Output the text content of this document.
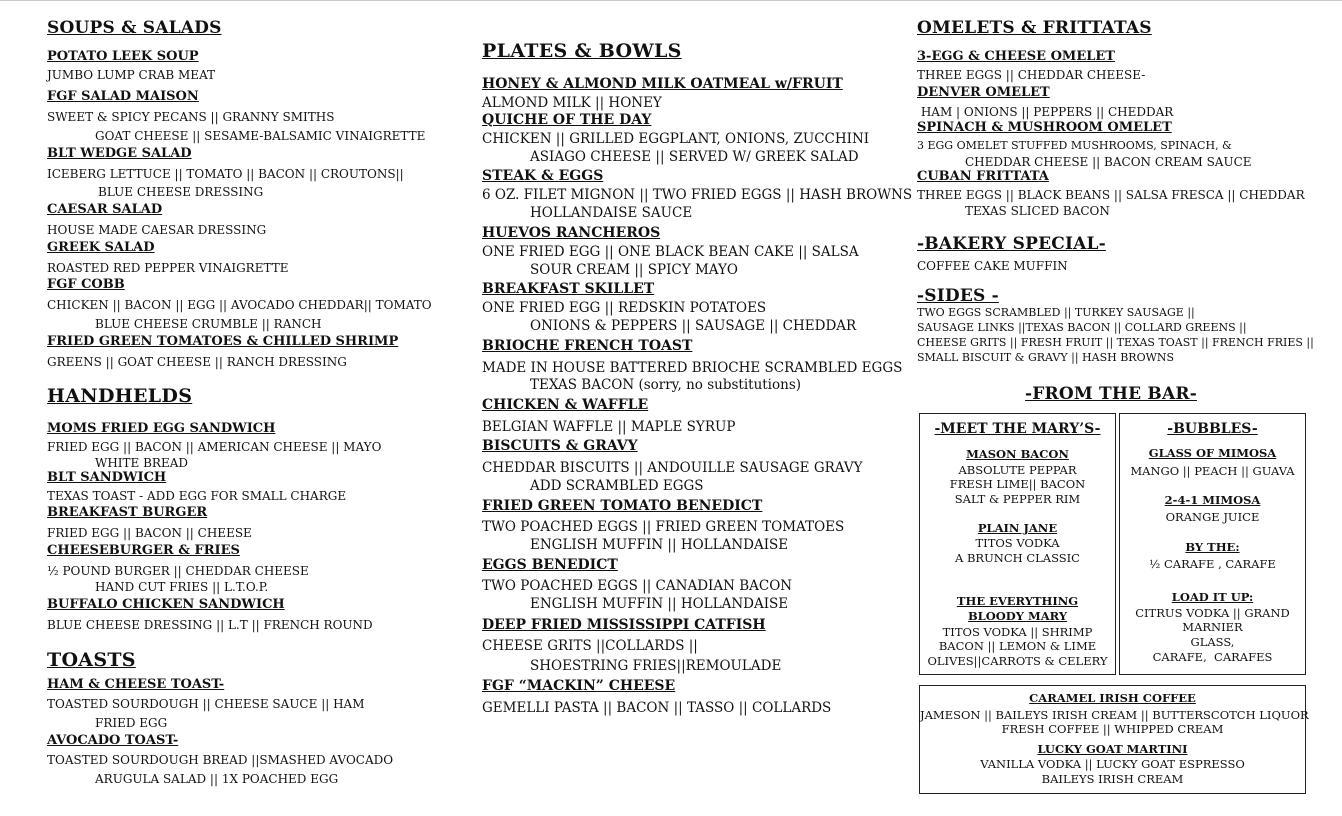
SOUPS & SALADS
POTATO LEEK SOUP
JUMBO LUMP CRAB MEAT
FGF SALAD MAISON
SWEET & SPICY PECANS || GRANNY SMITHS
GOAT CHEESE || SESAME-BALSAMIC VINAIGRETTE
BLT WEDGE SALAD
ICEBERG LETTUCE || TOMATO || BACON || CROUTONS||
BLUE CHEESE DRESSING
CAESAR SALAD
HOUSE MADE CAESAR DRESSING
GREEK SALAD
ROASTED RED PEPPER VINAIGRETTE
FGF COBB
CHICKEN || BACON || EGG || AVOCADO CHEDDAR|| TOMATO
BLUE CHEESE CRUMBLE || RANCH
FRIED GREEN TOMATOES & CHILLED SHRIMP
GREENS || GOAT CHEESE || RANCH DRESSING
HANDHELDS
MOMS FRIED EGG SANDWICH
FRIED EGG || BACON || AMERICAN CHEESE || MAYO
WHITE BREAD
BLT SANDWICH
TEXAS TOAST - ADD EGG FOR SMALL CHARGE
BREAKFAST BURGER
FRIED EGG || BACON || CHEESE
CHEESEBURGER & FRIES
½ POUND BURGER || CHEDDAR CHEESE
HAND CUT FRIES || L.T.O.P.
BUFFALO CHICKEN SANDWICH
BLUE CHEESE DRESSING || L.T || FRENCH ROUND
TOASTS
HAM & CHEESE TOAST-
TOASTED SOURDOUGH || CHEESE SAUCE || HAM
FRIED EGG
AVOCADO TOAST-
TOASTED SOURDOUGH BREAD ||SMASHED AVOCADO
ARUGULA SALAD || 1X POACHED EGG
PLATES & BOWLS
HONEY & ALMOND MILK OATMEAL w/FRUIT
ALMOND MILK || HONEY
QUICHE OF THE DAY
CHICKEN || GRILLED EGGPLANT, ONIONS, ZUCCHINI
ASIAGO CHEESE || SERVED W/ GREEK SALAD
STEAK & EGGS
6 OZ. FILET MIGNON || TWO FRIED EGGS || HASH BROWNS
HOLLANDAISE SAUCE
HUEVOS RANCHEROS
ONE FRIED EGG || ONE BLACK BEAN CAKE || SALSA
SOUR CREAM || SPICY MAYO
BREAKFAST SKILLET
ONE FRIED EGG || REDSKIN POTATOES
ONIONS & PEPPERS || SAUSAGE || CHEDDAR
BRIOCHE FRENCH TOAST
MADE IN HOUSE BATTERED BRIOCHE SCRAMBLED EGGS
TEXAS BACON (sorry, no substitutions)
CHICKEN & WAFFLE
BELGIAN WAFFLE || MAPLE SYRUP
BISCUITS & GRAVY
CHEDDAR BISCUITS || ANDOUILLE SAUSAGE GRAVY
ADD SCRAMBLED EGGS
FRIED GREEN TOMATO BENEDICT
TWO POACHED EGGS || FRIED GREEN TOMATOES
ENGLISH MUFFIN || HOLLANDAISE
EGGS BENEDICT
TWO POACHED EGGS || CANADIAN BACON
ENGLISH MUFFIN || HOLLANDAISE
DEEP FRIED MISSISSIPPI CATFISH
CHEESE GRITS ||COLLARDS ||
SHOESTRING FRIES||REMOULADE
FGF “MACKIN” CHEESE
GEMELLI PASTA || BACON || TASSO || COLLARDS
OMELETS & FRITTATAS
3-EGG & CHEESE OMELET
THREE EGGS || CHEDDAR CHEESE-
DENVER OMELET
HAM | ONIONS || PEPPERS || CHEDDAR
SPINACH & MUSHROOM OMELET
3 EGG OMELET STUFFED MUSHROOMS, SPINACH, &
CHEDDAR CHEESE || BACON CREAM SAUCE
CUBAN FRITTATA
THREE EGGS || BLACK BEANS || SALSA FRESCA || CHEDDAR
TEXAS SLICED BACON
-BAKERY SPECIAL-
COFFEE CAKE MUFFIN
-SIDES -
TWO EGGS SCRAMBLED || TURKEY SAUSAGE ||
SAUSAGE LINKS ||TEXAS BACON || COLLARD GREENS ||
CHEESE GRITS || FRESH FRUIT || TEXAS TOAST || FRENCH FRIES ||
SMALL BISCUIT & GRAVY || HASH BROWNS
-FROM THE BAR-
-MEET THE MARY’S-
MASON BACON
ABSOLUTE PEPPAR
FRESH LIME|| BACON
SALT & PEPPER RIM
PLAIN JANE
TITOS VODKA
A BRUNCH CLASSIC
THE EVERYTHING
BLOODY MARY
TITOS VODKA || SHRIMP
BACON || LEMON & LIME
OLIVES||CARROTS & CELERY
-BUBBLES-
GLASS OF MIMOSA
MANGO || PEACH || GUAVA
2-4-1 MIMOSA
ORANGE JUICE
BY THE:
½ CARAFE , CARAFE
LOAD IT UP:
CITRUS VODKA || GRAND
MARNIER
GLASS,
CARAFE,  CARAFES
CARAMEL IRISH COFFEE
JAMESON || BAILEYS IRISH CREAM || BUTTERSCOTCH LIQUOR
FRESH COFFEE || WHIPPED CREAM
LUCKY GOAT MARTINI
VANILLA VODKA || LUCKY GOAT ESPRESSO
BAILEYS IRISH CREAM
